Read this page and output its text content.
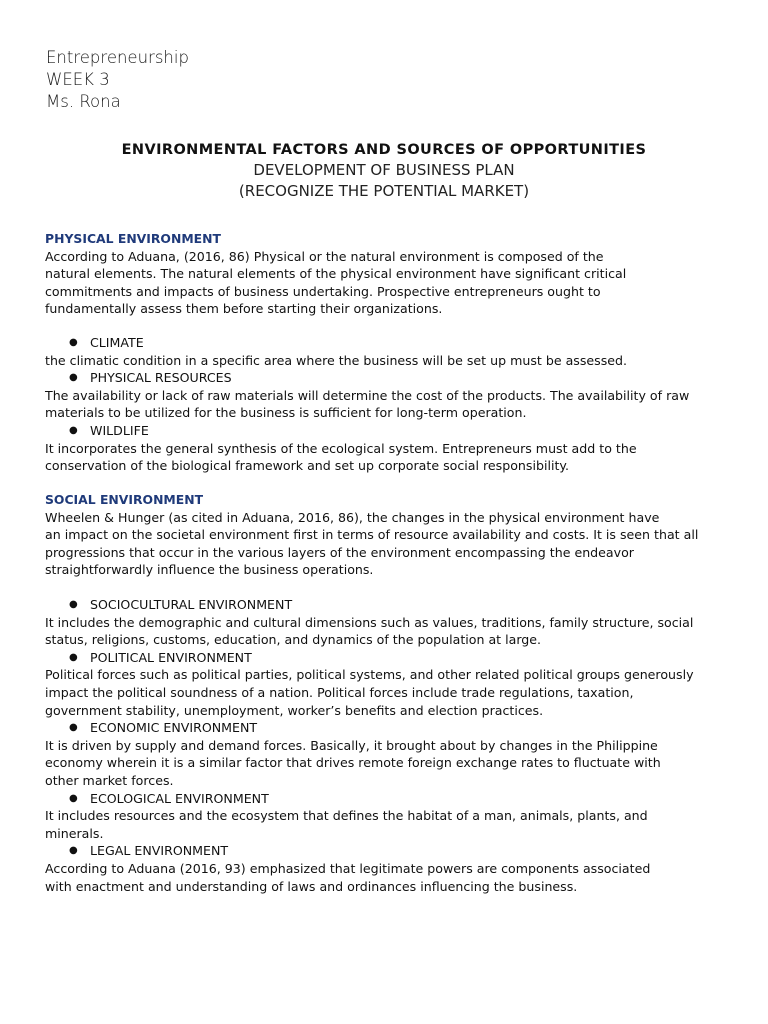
Entrepreneurship
WEEK 3
Ms. Rona
ENVIRONMENTAL FACTORS AND SOURCES OF OPPORTUNITIES
DEVELOPMENT OF BUSINESS PLAN
(RECOGNIZE THE POTENTIAL MARKET)
PHYSICAL ENVIRONMENT
According to Aduana, (2016, 86) Physical or the natural environment is composed of the
natural elements. The natural elements of the physical environment have significant critical
commitments and impacts of business undertaking. Prospective entrepreneurs ought to
fundamentally assess them before starting their organizations.
● CLIMATE
the climatic condition in a specific area where the business will be set up must be assessed.
● PHYSICAL RESOURCES
The availability or lack of raw materials will determine the cost of the products. The availability of raw
materials to be utilized for the business is sufficient for long-term operation.
● WILDLIFE
It incorporates the general synthesis of the ecological system. Entrepreneurs must add to the
conservation of the biological framework and set up corporate social responsibility.
SOCIAL ENVIRONMENT
Wheelen & Hunger (as cited in Aduana, 2016, 86), the changes in the physical environment have
an impact on the societal environment first in terms of resource availability and costs. It is seen that all
progressions that occur in the various layers of the environment encompassing the endeavor
straightforwardly influence the business operations.
● SOCIOCULTURAL ENVIRONMENT
It includes the demographic and cultural dimensions such as values, traditions, family structure, social
status, religions, customs, education, and dynamics of the population at large.
● POLITICAL ENVIRONMENT
Political forces such as political parties, political systems, and other related political groups generously
impact the political soundness of a nation. Political forces include trade regulations, taxation,
government stability, unemployment, worker’s benefits and election practices.
● ECONOMIC ENVIRONMENT
It is driven by supply and demand forces. Basically, it brought about by changes in the Philippine
economy wherein it is a similar factor that drives remote foreign exchange rates to fluctuate with
other market forces.
● ECOLOGICAL ENVIRONMENT
It includes resources and the ecosystem that defines the habitat of a man, animals, plants, and
minerals.
● LEGAL ENVIRONMENT
According to Aduana (2016, 93) emphasized that legitimate powers are components associated
with enactment and understanding of laws and ordinances influencing the business.
